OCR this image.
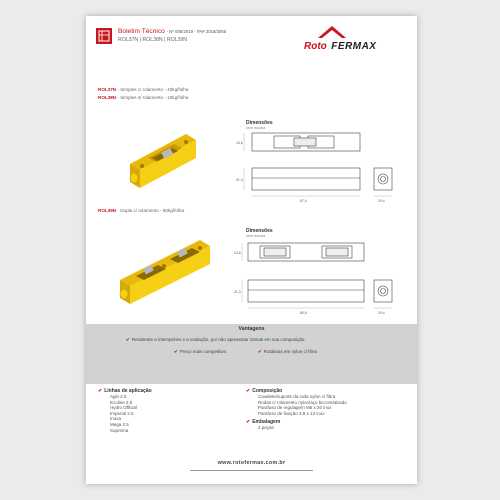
Boletim Técnico - Nº 005/2019 - PA# 2018/3055
ROL37N | ROL38N | ROL39N
Roto FERMAX
ROL37N - Simples c/ rolamento - 40kg/folha
ROL38N - Simples s/ rolamento - 15kg/folha
Dimensões
sem escala
13,6
21,3
67,4	19,4
ROL39N - Dupla c/ rolamento - 80kg/folha
Dimensões
sem escala
13,6
21,3
80,5	19,4
Vantagens
✔ Resistente a intempéries e a oxidação, por não apresentar zamak em sua composição.
✔ Preço mais competitivo	✔ Roldanas em nylon c/ fibra
✔ Linhas de aplicação
Aglo 2.5
Ecoline 2.5
Hydro Official
Imperial 2.5
Inova
Mega 2.5
Suprema
✔ Composição
Cavalete/suporte da roda nylon c/ fibra
Rodas c/ rolamento nylon/aço bicromatizado
Parafuso de regulagem M5 x 20 inox
Parafuso de fixação 3,9 x 13 inox
✔ Embalagem
2 peças
www.rotofermax.com.br
